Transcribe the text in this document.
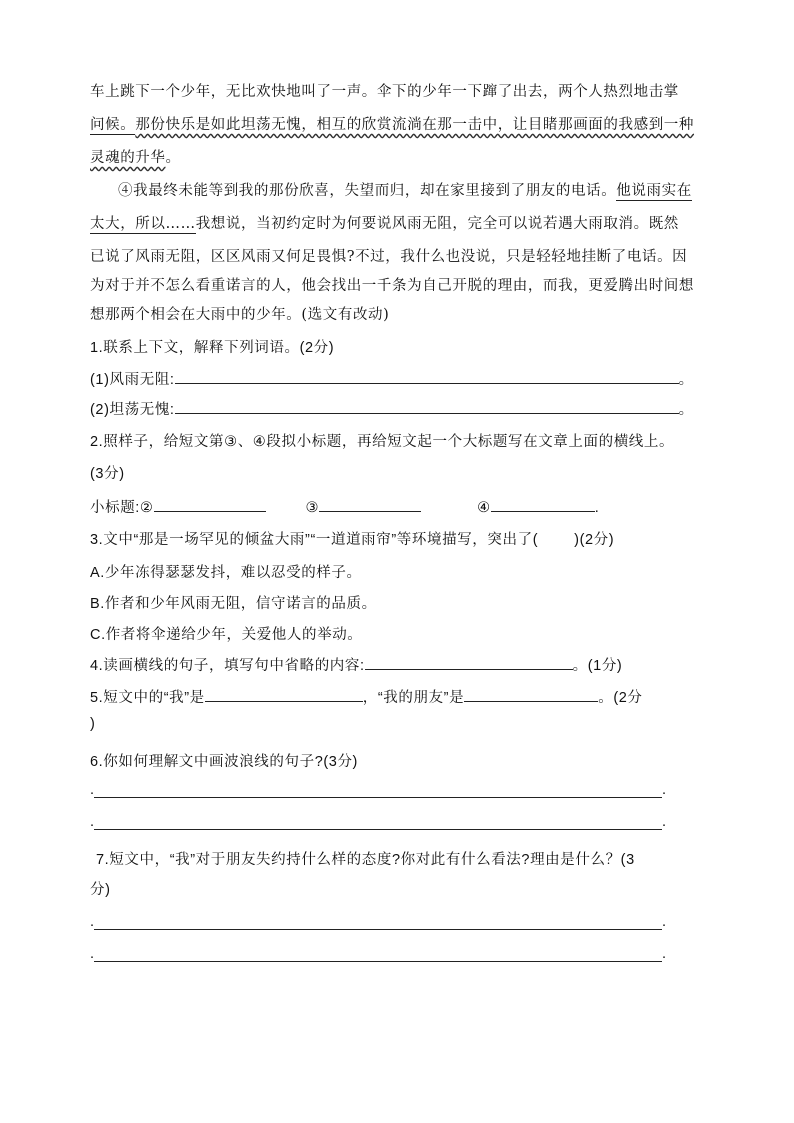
车上跳下一个少年，无比欢快地叫了一声。伞下的少年一下蹿了出去，两个人热烈地击掌
问候。那份快乐是如此坦荡无愧，相互的欣赏流淌在那一击中，让目睹那画面的我感到一种
灵魂的升华。
④我最终未能等到我的那份欣喜，失望而归，却在家里接到了朋友的电话。他说雨实在
太大，所以……我想说，当初约定时为何要说风雨无阻，完全可以说若遇大雨取消。既然
已说了风雨无阻，区区风雨又何足畏惧?不过，我什么也没说，只是轻轻地挂断了电话。因
为对于并不怎么看重诺言的人，他会找出一千条为自己开脱的理由，而我，更爱腾出时间想
想那两个相会在大雨中的少年。(选文有改动)
1.联系上下文，解释下列词语。(2分)
(1)风雨无阻:	。
(2)坦荡无愧:	。
2.照样子，给短文第③、④段拟小标题，再给短文起一个大标题写在文章上面的横线上。
(3分)
小标题:②	③	④	.
3.文中“那是一场罕见的倾盆大雨”“一道道雨帘”等环境描写，突出了( )(2分)
A.少年冻得瑟瑟发抖，难以忍受的样子。
B.作者和少年风雨无阻，信守诺言的品质。
C.作者将伞递给少年，关爱他人的举动。
4.读画横线的句子，填写句中省略的内容:	。(1分)
5.短文中的“我”是	，“我的朋友”是	。(2分
)
6.你如何理解文中画波浪线的句子?(3分)
.	.
.	.
7.短文中，“我”对于朋友失约持什么样的态度?你对此有什么看法?理由是什么？(3
分)
.	.
.	.
